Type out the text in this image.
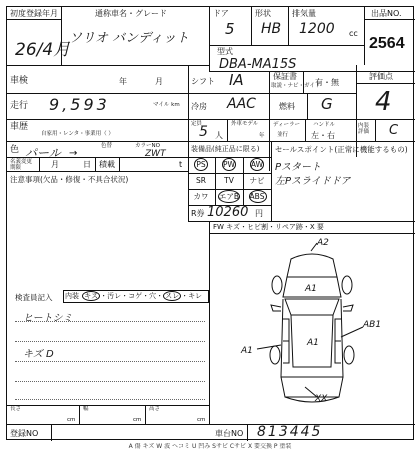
初度登録年月
26/4月
通称車名・グレード
ソリオ バンディット
ドア
5
形状
HB
排気量
1200 cc
出品NO.
2564
型式
DBA-MA15S
車検	年	月	シフト IA	保証書
取説・ナビ・ガイド
有・無
評価点
4
走行 9,593	マイル km 冷房 AAC	燃料 G
車歴
自家用・レンタ・事業用（ ）
定員
5 人
外車モデル
年
ディーラー
並行
ハンドル
左・右
内装評価	C
色 パール →
色替	カラーNO
ZWT	装備品(純正品に限る)
名義変更期限	月	日 積載	t
セールスポイント(正常に機能するもの)
Pスタート
左Pスライドドア
PS	PW	AW
SR	TV	ナビ
カワ	エアB	ABS
R券 10260 円
注意事項(欠品・修復・不具合状況)
FW キズ・ヒビ割・リペア跡・X 要
A2
A1
A1
A1
XX
AB1
検査員記入 内装 キズ ・汚レ・コゲ・穴・ スレ ・キレ
ヒートシミ
キズ D
長さ
cm
幅
cm
高さ
cm
登録NO	車台NO 813445
A 傷 キズ W 波 ヘコミ U 凹み Sサビ Cサビ X 要交換 P 塗装
